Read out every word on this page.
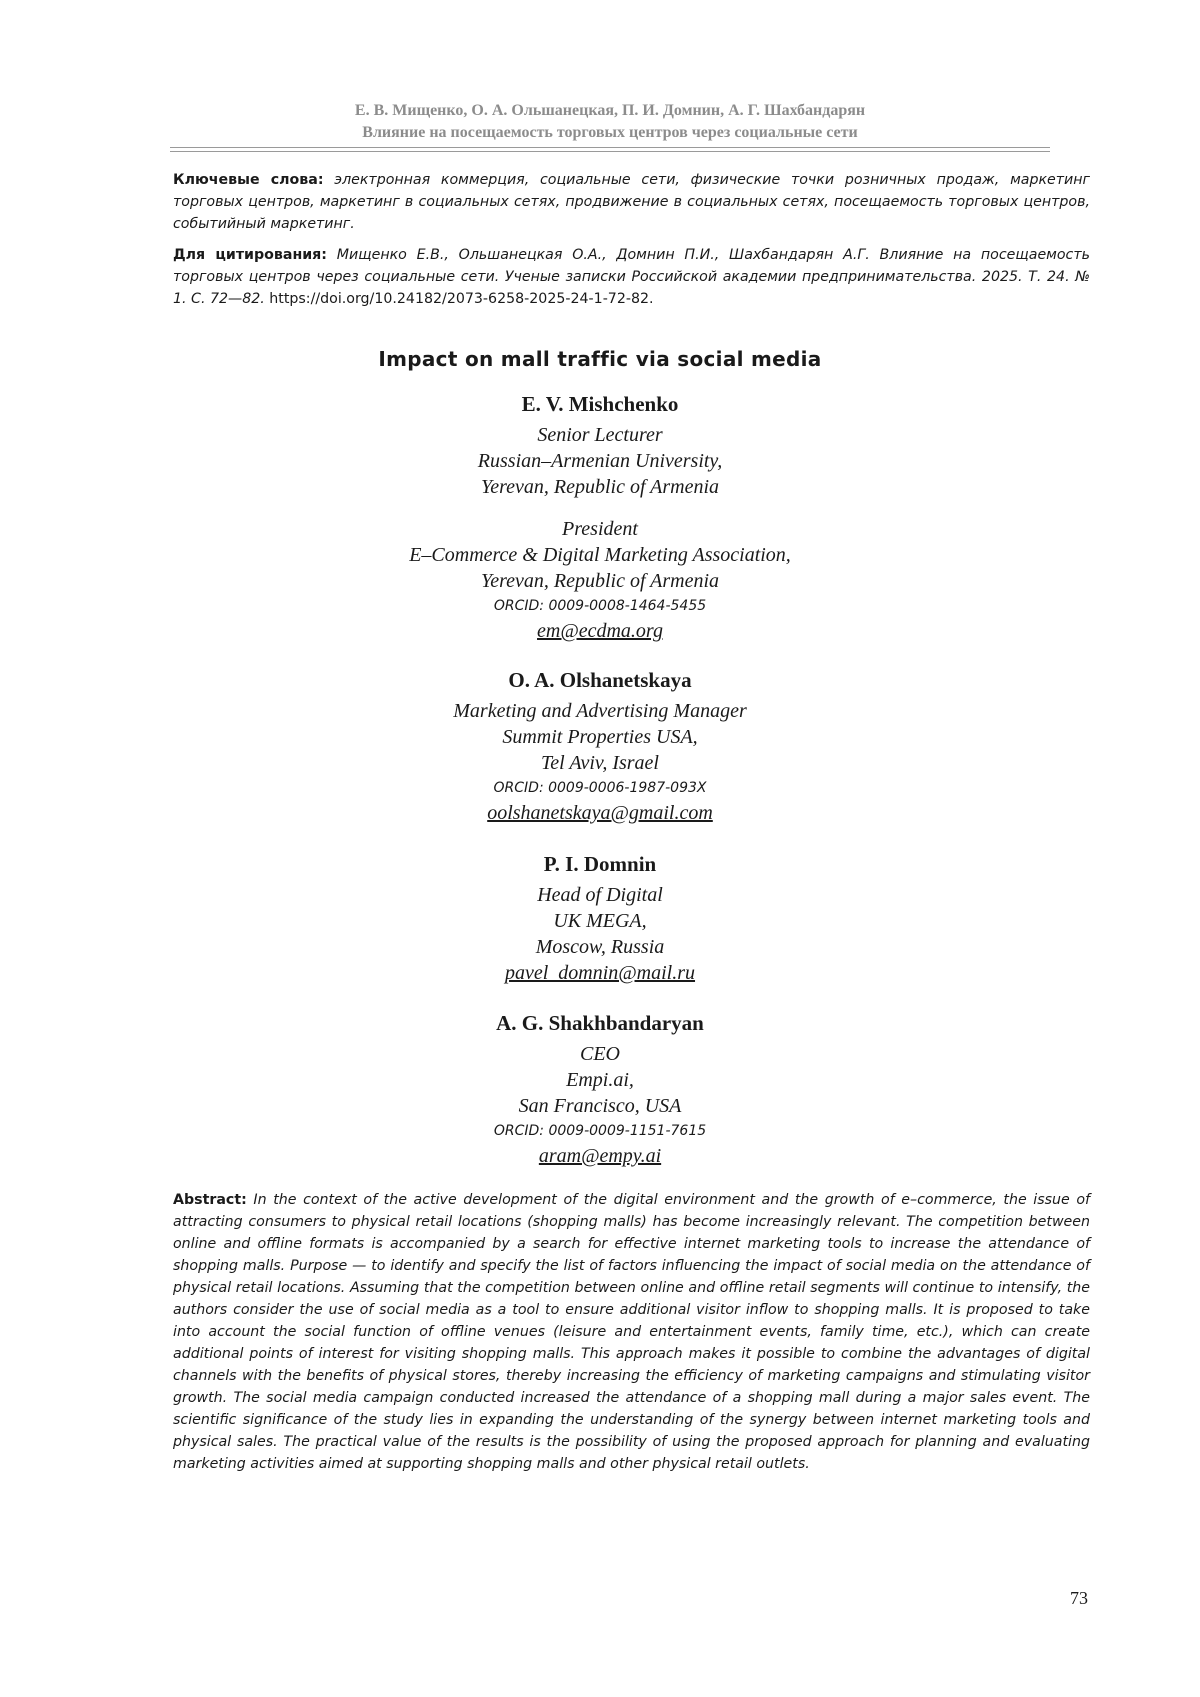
Е. В. Мищенко, О. А. Ольшанецкая, П. И. Домнин, А. Г. Шахбандарян
Влияние на посещаемость торговых центров через социальные сети
Ключевые слова: электронная коммерция, социальные сети, физические точки розничных продаж, маркетинг торговых центров, маркетинг в социальных сетях, продвижение в социальных сетях, посещаемость торговых центров, событийный маркетинг.
Для цитирования: Мищенко Е.В., Ольшанецкая О.А., Домнин П.И., Шахбандарян А.Г. Влияние на посещаемость торговых центров через социальные сети. Ученые записки Российской академии предпринимательства. 2025. Т. 24. № 1. С. 72—82. https://doi.org/10.24182/2073-6258-2025-24-1-72-82.
Impact on mall traffic via social media
E. V. Mishchenko
Senior Lecturer
Russian–Armenian University,
Yerevan, Republic of Armenia
President
E–Commerce & Digital Marketing Association,
Yerevan, Republic of Armenia
ORCID: 0009-0008-1464-5455
em@ecdma.org
O. A. Olshanetskaya
Marketing and Advertising Manager
Summit Properties USA,
Tel Aviv, Israel
ORCID: 0009-0006-1987-093X
oolshanetskaya@gmail.com
P. I. Domnin
Head of Digital
UK MEGA,
Moscow, Russia
pavel_domnin@mail.ru
A. G. Shakhbandaryan
CEO
Empi.ai,
San Francisco, USA
ORCID: 0009-0009-1151-7615
aram@empy.ai
Abstract: In the context of the active development of the digital environment and the growth of e–commerce, the issue of attracting consumers to physical retail locations (shopping malls) has become increasingly relevant. The competition between online and offline formats is accompanied by a search for effective internet marketing tools to increase the attendance of shopping malls. Purpose — to identify and specify the list of factors influencing the impact of social media on the attendance of physical retail locations. Assuming that the competition between online and offline retail segments will continue to intensify, the authors consider the use of social media as a tool to ensure additional visitor inflow to shopping malls. It is proposed to take into account the social function of offline venues (leisure and entertainment events, family time, etc.), which can create additional points of interest for visiting shopping malls. This approach makes it possible to combine the advantages of digital channels with the benefits of physical stores, thereby increasing the efficiency of marketing campaigns and stimulating visitor growth. The social media campaign conducted increased the attendance of a shopping mall during a major sales event. The scientific significance of the study lies in expanding the understanding of the synergy between internet marketing tools and physical sales. The practical value of the results is the possibility of using the proposed approach for planning and evaluating marketing activities aimed at supporting shopping malls and other physical retail outlets.
73
